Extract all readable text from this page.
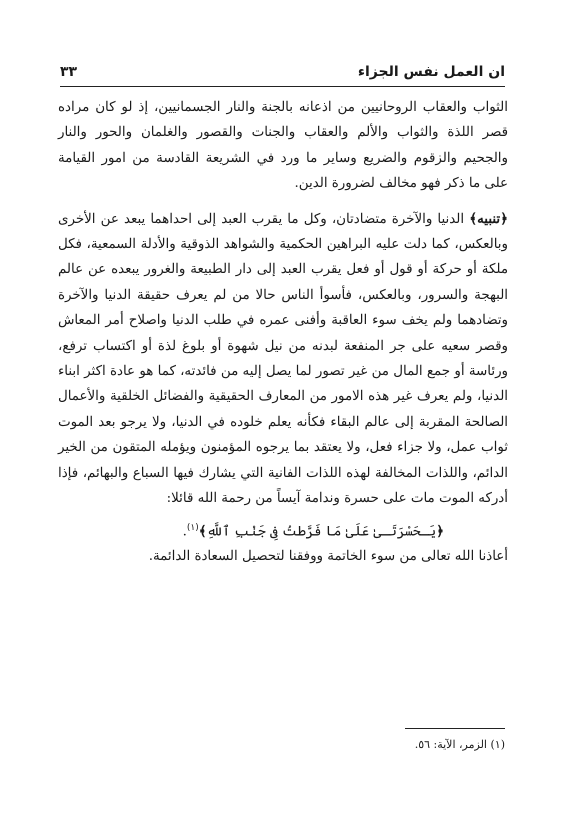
ان العمل نفس الجزاء
٣٣

الثواب والعقاب الروحانيين من اذعانه بالجنة والنار الجسمانيين، إذ لو كان مراده قصر اللذة والثواب والألم والعقاب والجنات والقصور والغلمان والحور والنار والجحيم والزقوم والضريع وساير ما ورد في الشريعة القادسة من امور القيامة على ما ذكر فهو مخالف لضرورة الدين.

﴿تنبيه﴾ الدنيا والآخرة متضادتان، وكل ما يقرب العبد إلى احداهما يبعد عن الأخرى وبالعكس، كما دلت عليه البراهين الحكمية والشواهد الذوقية والأدلة السمعية، فكل ملكة أو حركة أو قول أو فعل يقرب العبد إلى دار الطبيعة والغرور يبعده عن عالم البهجة والسرور، وبالعكس، فأسوأ الناس حالا من لم يعرف حقيقة الدنيا والآخرة وتضادهما ولم يخف سوء العاقبة وأفنى عمره في طلب الدنيا واصلاح أمر المعاش وقصر سعيه على جر المنفعة لبدنه من نيل شهوة أو بلوغ لذة أو اكتساب ترفع، ورئاسة أو جمع المال من غير تصور لما يصل إليه من فائدته، كما هو عادة اكثر ابناء الدنيا، ولم يعرف غير هذه الامور من المعارف الحقيقية والفضائل الخلقية والأعمال الصالحة المقربة إلى عالم البقاء فكأنه يعلم خلوده في الدنيا، ولا يرجو بعد الموت ثواب عمل، ولا جزاء فعل، ولا يعتقد بما يرجوه المؤمنون ويؤمله المتقون من الخير الدائم، واللذات المخالفة لهذه اللذات الفانية التي يشارك فيها السباع والبهائم، فإذا أدركه الموت مات على حسرة وندامة آيساً من رحمة الله قائلا:

﴿يَـحَسْرَتَـىٰ عَلَىٰ مَا فَرَّطتُ فِى جَنْبِ ٱللَّهِ﴾$^{(١)}$.

أعاذنا الله تعالى من سوء الخاتمة ووفقنا لتحصيل السعادة الدائمة.

(١) الزمر، الآية: ٥٦.
